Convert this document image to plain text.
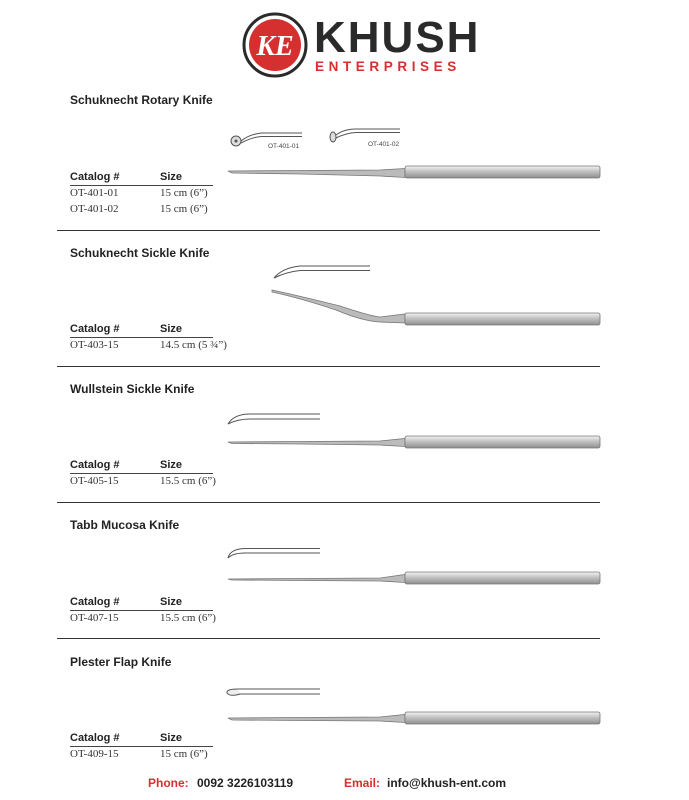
KE KHUSH
ENTERPRISES
Schuknecht Rotary Knife
OT-401-01	OT-401-02
Catalog #	Size
OT-401-01	15 cm (6”)
OT-401-02	15 cm (6”)
Schuknecht Sickle Knife
Catalog #	Size
OT-403-15	14.5 cm (5 ¾”)
Wullstein Sickle Knife
Catalog #	Size
OT-405-15	15.5 cm (6”)
Tabb Mucosa Knife
Catalog #	Size
OT-407-15	15.5 cm (6”)
Plester Flap Knife
Catalog #	Size
OT-409-15	15 cm (6”)
Phone: 0092 3226103119	Email: info@khush-ent.com
